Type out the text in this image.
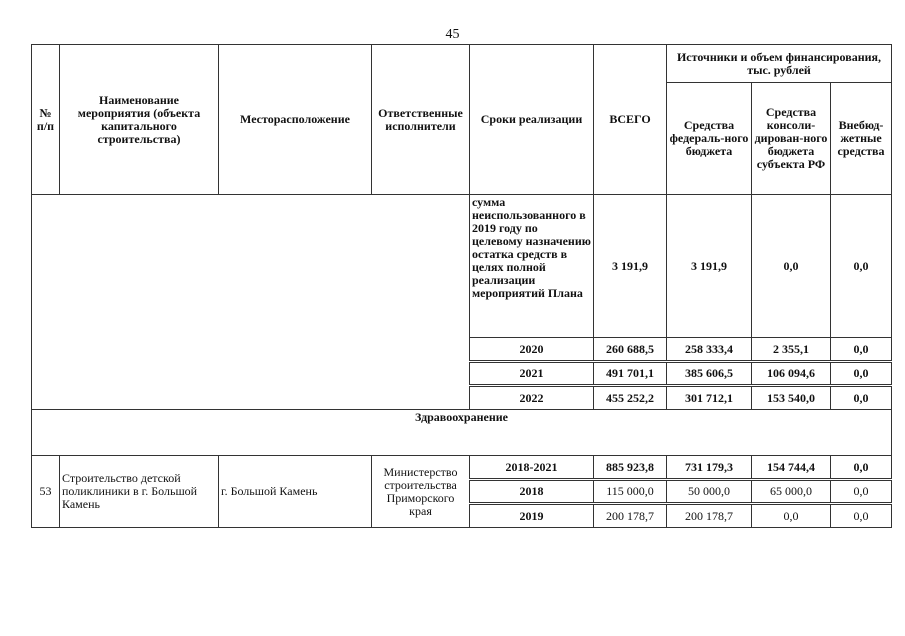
45
№ п/п	Наименование мероприятия (объекта капитального строительства)	Месторасположение	Ответственные исполнители	Сроки реализации	ВСЕГО	Источники и объем финансирования, тыс. рублей		
						Средства федераль-ного бюджета	Средства консоли-дирован-ного бюджета субъекта РФ	Внебюд-жетные средства
				сумма неиспользованного в 2019 году по целевому назначению остатка средств в целях полной реализации мероприятий Плана	3 191,9	3 191,9	0,0	0,0
				2020	260 688,5	258 333,4	2 355,1	0,0
				2021	491 701,1	385 606,5	106 094,6	0,0
				2022	455 252,2	301 712,1	153 540,0	0,0
Здравоохранение								
53	Строительство детской поликлиники в г. Большой Камень	г. Большой Камень	Министерство строительства Приморского края	2018-2021	885 923,8	731 179,3	154 744,4	0,0
				2018	115 000,0	50 000,0	65 000,0	0,0
				2019	200 178,7	200 178,7	0,0	0,0
